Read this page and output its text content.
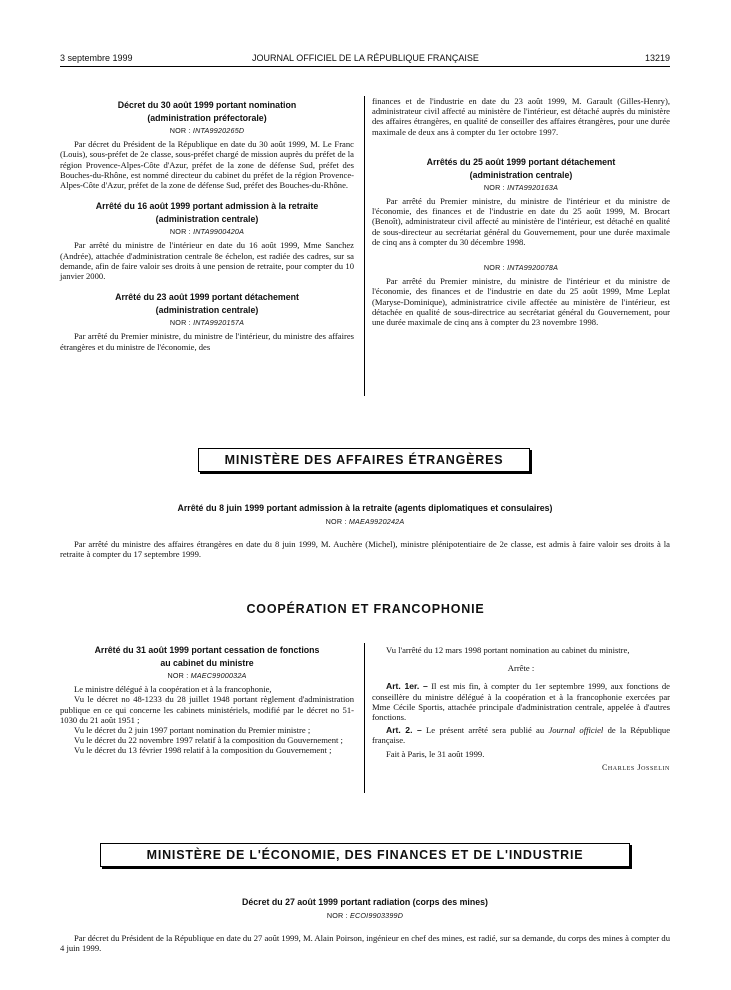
3 septembre 1999	JOURNAL OFFICIEL DE LA RÉPUBLIQUE FRANÇAISE	13219

Décret du 30 août 1999 portant nomination

(administration préfectorale)

NOR : INTA9920265D

Par décret du Président de la République en date du 30 août 1999, M. Le Franc (Louis), sous-préfet de 2e classe, sous-préfet chargé de mission auprès du préfet de la région Provence-Alpes-Côte d'Azur, préfet de la zone de défense Sud, préfet des Bouches-du-Rhône, est nommé directeur du cabinet du préfet de la région Provence-Alpes-Côte d'Azur, préfet de la zone de défense Sud, préfet des Bouches-du-Rhône.

Arrêté du 16 août 1999 portant admission à la retraite

(administration centrale)

NOR : INTA9900420A

Par arrêté du ministre de l'intérieur en date du 16 août 1999, Mme Sanchez (Andrée), attachée d'administration centrale 8e échelon, est radiée des cadres, sur sa demande, afin de faire valoir ses droits à une pension de retraite, pour compter du 10 janvier 2000.

Arrêté du 23 août 1999 portant détachement

(administration centrale)

NOR : INTA9920157A

Par arrêté du Premier ministre, du ministre de l'intérieur, du ministre des affaires étrangères et du ministre de l'économie, des

finances et de l'industrie en date du 23 août 1999, M. Garault (Gilles-Henry), administrateur civil affecté au ministère de l'intérieur, est détaché auprès du ministère des affaires étrangères, en qualité de conseiller des affaires étrangères, pour une durée maximale de deux ans à compter du 1er octobre 1997.

Arrêtés du 25 août 1999 portant détachement

(administration centrale)

NOR : INTA9920163A

Par arrêté du Premier ministre, du ministre de l'intérieur et du ministre de l'économie, des finances et de l'industrie en date du 25 août 1999, M. Brocart (Benoît), administrateur civil affecté au ministère de l'intérieur, est détaché en qualité de sous-directeur au secrétariat général du Gouvernement, pour une durée maximale de cinq ans à compter du 30 décembre 1998.

NOR : INTA9920078A

Par arrêté du Premier ministre, du ministre de l'intérieur et du ministre de l'économie, des finances et de l'industrie en date du 25 août 1999, Mme Leplat (Maryse-Dominique), administratrice civile affectée au ministère de l'intérieur, est détachée en qualité de sous-directrice au secrétariat général du Gouvernement, pour une durée maximale de cinq ans à compter du 23 novembre 1998.

MINISTÈRE DES AFFAIRES ÉTRANGÈRES
Arrêté du 8 juin 1999 portant admission à la retraite (agents diplomatiques et consulaires)
NOR : MAEA9920242A

Par arrêté du ministre des affaires étrangères en date du 8 juin 1999, M. Auchère (Michel), ministre plénipotentiaire de 2e classe, est admis à faire valoir ses droits à la retraite à compter du 17 septembre 1999.

COOPÉRATION ET FRANCOPHONIE

Arrêté du 31 août 1999 portant cessation de fonctions

au cabinet du ministre

NOR : MAEC9900032A

Le ministre délégué à la coopération et à la francophonie,

Vu le décret no 48-1233 du 28 juillet 1948 portant règlement d'administration publique en ce qui concerne les cabinets ministériels, modifié par le décret no 51-1030 du 21 août 1951 ;

Vu le décret du 2 juin 1997 portant nomination du Premier ministre ;

Vu le décret du 22 novembre 1997 relatif à la composition du Gouvernement ;

Vu le décret du 13 février 1998 relatif à la composition du Gouvernement ;

Vu l'arrêté du 12 mars 1998 portant nomination au cabinet du ministre,

Arrête :

Art. 1er. – Il est mis fin, à compter du 1er septembre 1999, aux fonctions de conseillère du ministre délégué à la coopération et à la francophonie exercées par Mme Cécile Sportis, attachée principale d'administration centrale, appelée à d'autres fonctions.

Art. 2. – Le présent arrêté sera publié au Journal officiel de la République française.

Fait à Paris, le 31 août 1999.

Charles Josselin
MINISTÈRE DE L'ÉCONOMIE, DES FINANCES ET DE L'INDUSTRIE
Décret du 27 août 1999 portant radiation (corps des mines)
NOR : ECOI9903399D

Par décret du Président de la République en date du 27 août 1999, M. Alain Poirson, ingénieur en chef des mines, est radié, sur sa demande, du corps des mines à compter du 4 juin 1999.
